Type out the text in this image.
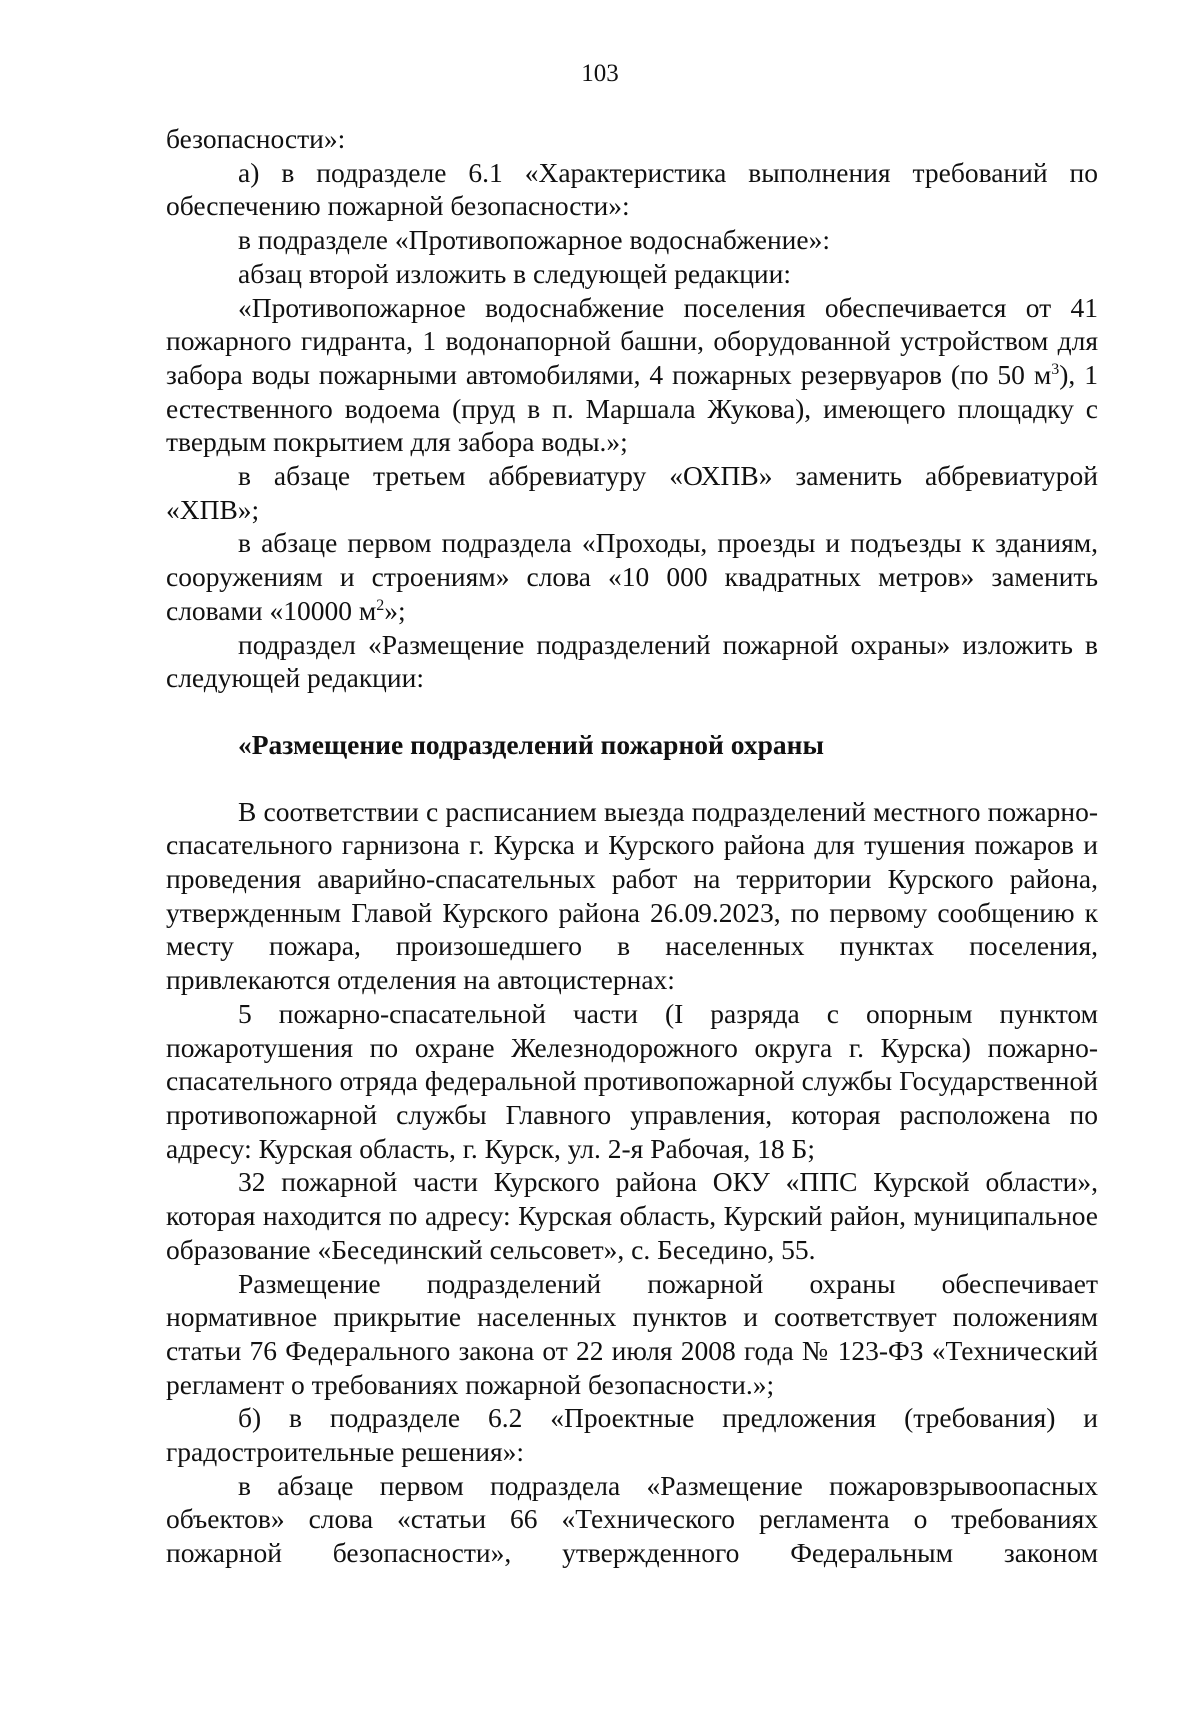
103

безопасности»:

а) в подразделе 6.1 «Характеристика выполнения требований по обеспечению пожарной безопасности»:

в подразделе «Противопожарное водоснабжение»:

абзац второй изложить в следующей редакции:

«Противопожарное водоснабжение поселения обеспечивается от 41 пожарного гидранта, 1 водонапорной башни, оборудованной устройством для забора воды пожарными автомобилями, 4 пожарных резервуаров (по 50 $м^3$), 1 естественного водоема (пруд в п. Маршала Жукова), имеющего площадку с твердым покрытием для забора воды.»;

в абзаце третьем аббревиатуру «ОХПВ» заменить аббревиатурой «ХПВ»;

в абзаце первом подраздела «Проходы, проезды и подъезды к зданиям, сооружениям и строениям» слова «10 000 квадратных метров» заменить словами «10000 $м^2$»;

подраздел «Размещение подразделений пожарной охраны» изложить в следующей редакции:

«Размещение подразделений пожарной охраны

В соответствии с расписанием выезда подразделений местного пожарно-спасательного гарнизона г. Курска и Курского района для тушения пожаров и проведения аварийно-спасательных работ на территории Курского района, утвержденным Главой Курского района 26.09.2023, по первому сообщению к месту пожара, произошедшего в населенных пунктах поселения, привлекаются отделения на автоцистернах:

5 пожарно-спасательной части (I разряда с опорным пунктом пожаротушения по охране Железнодорожного округа г. Курска) пожарно-спасательного отряда федеральной противопожарной службы Государственной противопожарной службы Главного управления, которая расположена по адресу: Курская область, г. Курск, ул. 2-я Рабочая, 18 Б;

32 пожарной части Курского района ОКУ «ППС Курской области», которая находится по адресу: Курская область, Курский район, муниципальное образование «Бесединский сельсовет», с. Беседино, 55.

Размещение подразделений пожарной охраны обеспечивает нормативное прикрытие населенных пунктов и соответствует положениям статьи 76 Федерального закона от 22 июля 2008 года № 123-ФЗ «Технический регламент о требованиях пожарной безопасности.»;

б) в подразделе 6.2 «Проектные предложения (требования) и градостроительные решения»:

в абзаце первом подраздела «Размещение пожаровзрывоопасных объектов» слова «статьи 66 «Технического регламента о требованиях пожарной безопасности», утвержденного Федеральным законом
